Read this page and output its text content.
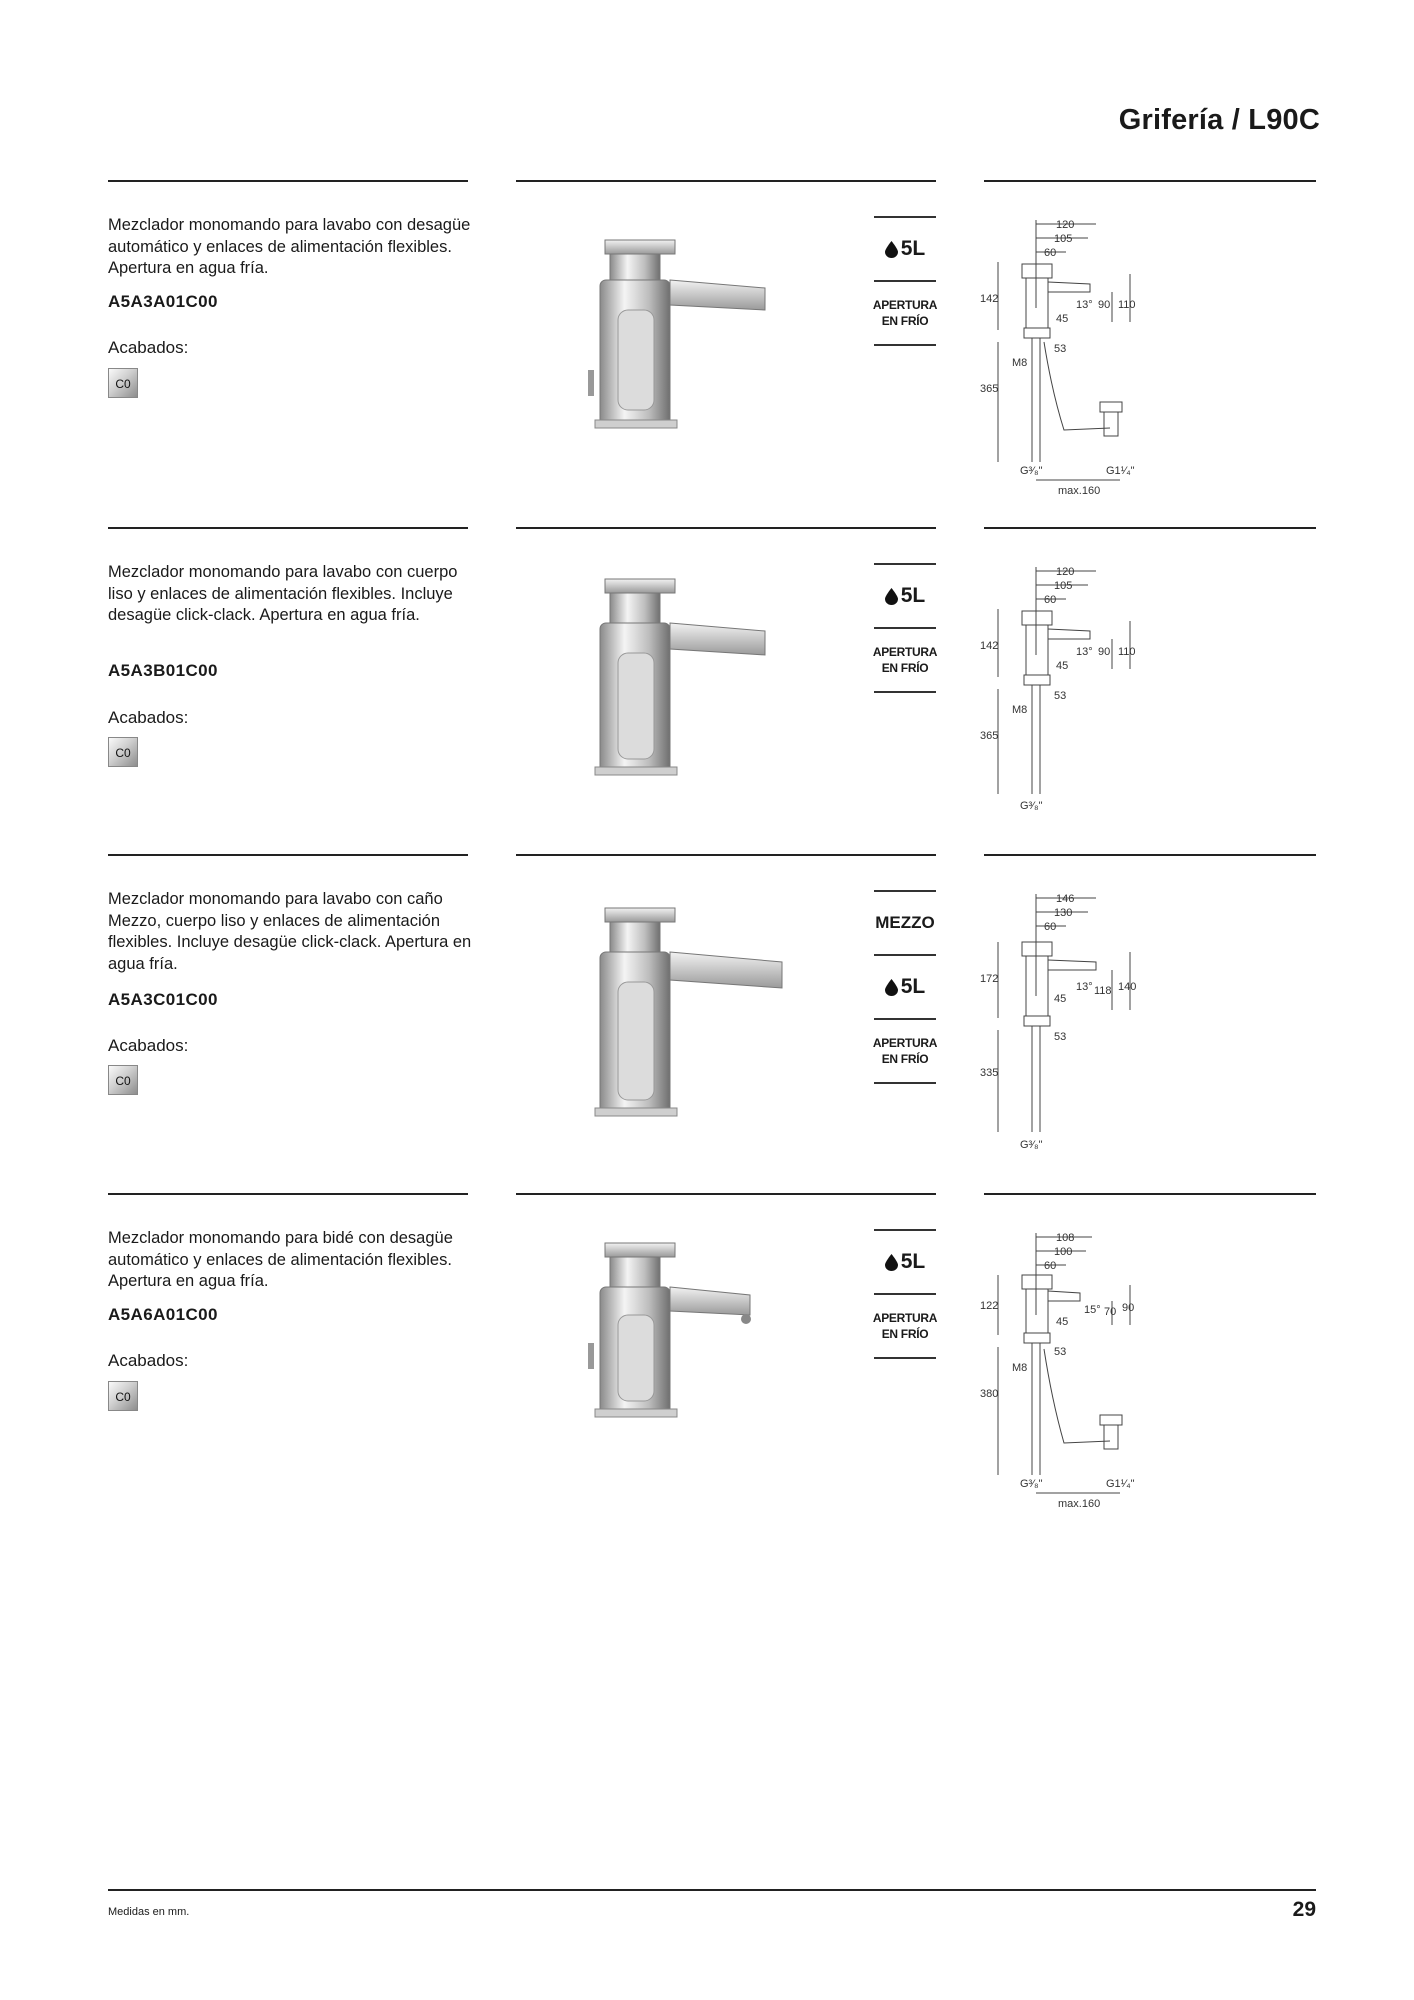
Grifería / L90C
Mezclador monomando para lavabo con desagüe automático y enlaces de alimentación flexibles. Apertura en agua fría.
A5A3A01C00
Acabados:
C0
5L
APERTURA
EN FRÍO
120
105
60
142	13° 90 110
45
53
M8
365
G³⁄₈"	G1¹⁄₄"
max.160
Mezclador monomando para lavabo con cuerpo liso y enlaces de alimentación flexibles. Incluye desagüe click-clack. Apertura en agua fría.
A5A3B01C00
Acabados:
C0
5L
APERTURA
EN FRÍO
120
105
60
142	13° 90 110
45
53
M8
365
G³⁄₈"
Mezclador monomando para lavabo con caño Mezzo, cuerpo liso y enlaces de alimentación flexibles. Incluye desagüe click-clack. Apertura en agua fría.
A5A3C01C00
Acabados:
C0
MEZZO
5L
APERTURA
EN FRÍO
146
130
60
172
13° 118 140
45
53
335
G³⁄₈"
Mezclador monomando para bidé con desagüe automático y enlaces de alimentación flexibles. Apertura en agua fría.
A5A6A01C00
Acabados:
C0
5L
APERTURA
EN FRÍO
108
100
60
122	15° 70 90
45
53
M8
380
G³⁄₈"	G1¹⁄₄"
max.160
Medidas en mm.	29
